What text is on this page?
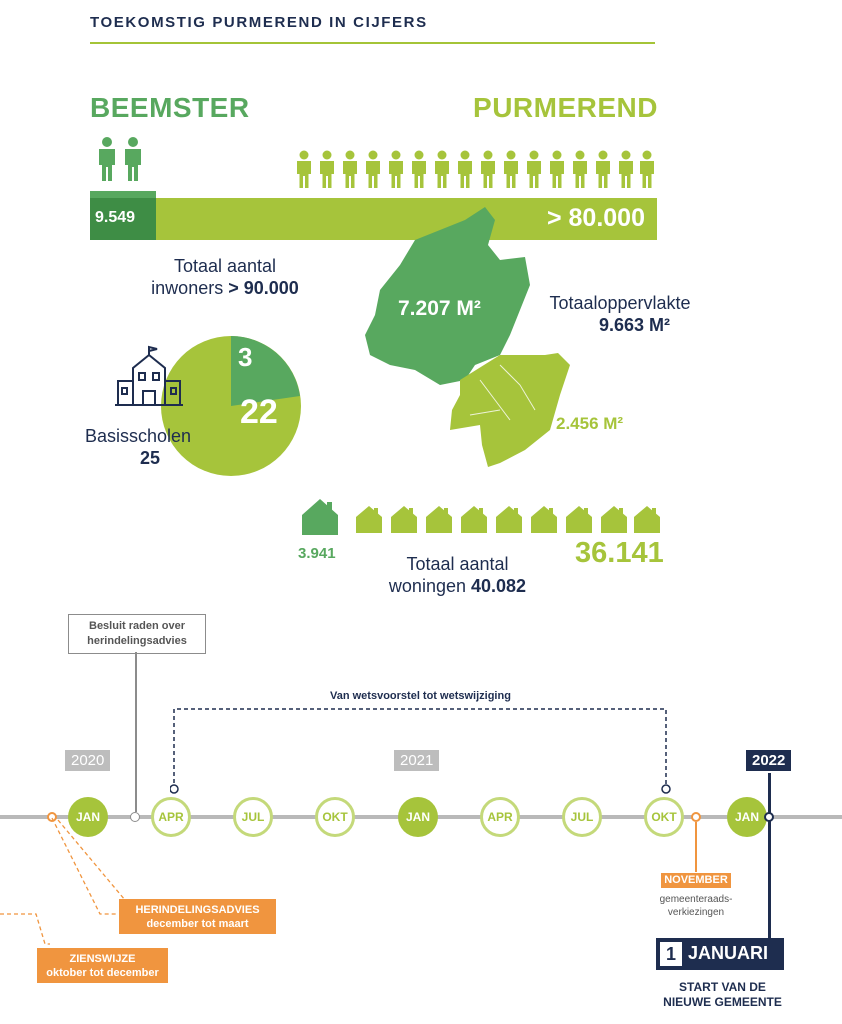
TOEKOMSTIG PURMEREND IN CIJFERS
BEEMSTER	PURMEREND
9.549	> 80.000
Totaal aantal
inwoners > 90.000
7.207 M²
2.456 M²
Totaaloppervlakte
9.663 M²
3
22
Basisscholen
25
3.941	36.141
Totaal aantal
woningen 40.082
Besluit raden over herindelingsadvies
Van wetsvoorstel tot wetswijziging
2020	2021	2022
JAN	APR	JUL	OKT	JAN	APR	JUL	OKT	JAN
HERINDELINGSADVIES
december tot maart
ZIENSWIJZE
oktober tot december
NOVEMBER
gemeenteraads- verkiezingen
1 JANUARI
START VAN DE NIEUWE GEMEENTE
